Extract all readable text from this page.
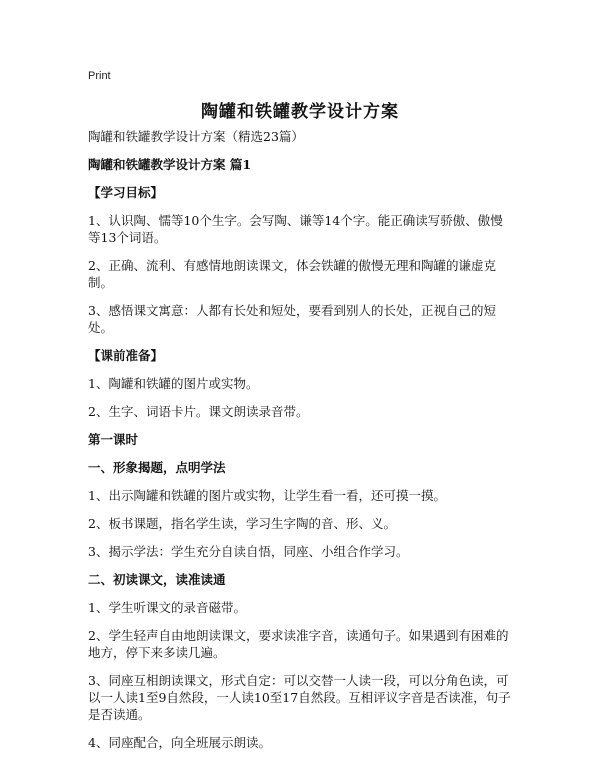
Print
陶罐和铁罐教学设计方案

陶罐和铁罐教学设计方案（精选23篇）

陶罐和铁罐教学设计方案 篇1

【学习目标】

1、认识陶、懦等10个生字。会写陶、谦等14个字。能正确读写骄傲、傲慢等13个词语。

2、正确、流利、有感情地朗读课文，体会铁罐的傲慢无理和陶罐的谦虚克制。

3、感悟课文寓意：人都有长处和短处，要看到别人的长处，正视自己的短处。

【课前准备】

1、陶罐和铁罐的图片或实物。

2、生字、词语卡片。课文朗读录音带。

第一课时

一、形象揭题，点明学法

1、出示陶罐和铁罐的图片或实物，让学生看一看，还可摸一摸。

2、板书课题，指名学生读，学习生字陶的音、形、义。

3、揭示学法：学生充分自读自悟，同座、小组合作学习。

二、初读课文，读准读通

1、学生听课文的录音磁带。

2、学生轻声自由地朗读课文，要求读准字音，读通句子。如果遇到有困难的地方，停下来多读几遍。

3、同座互相朗读课文，形式自定：可以交替一人读一段，可以分角色读，可以一人读1至9自然段，一人读10至17自然段。互相评议字音是否读准，句子是否读通。

4、同座配合，向全班展示朗读。
